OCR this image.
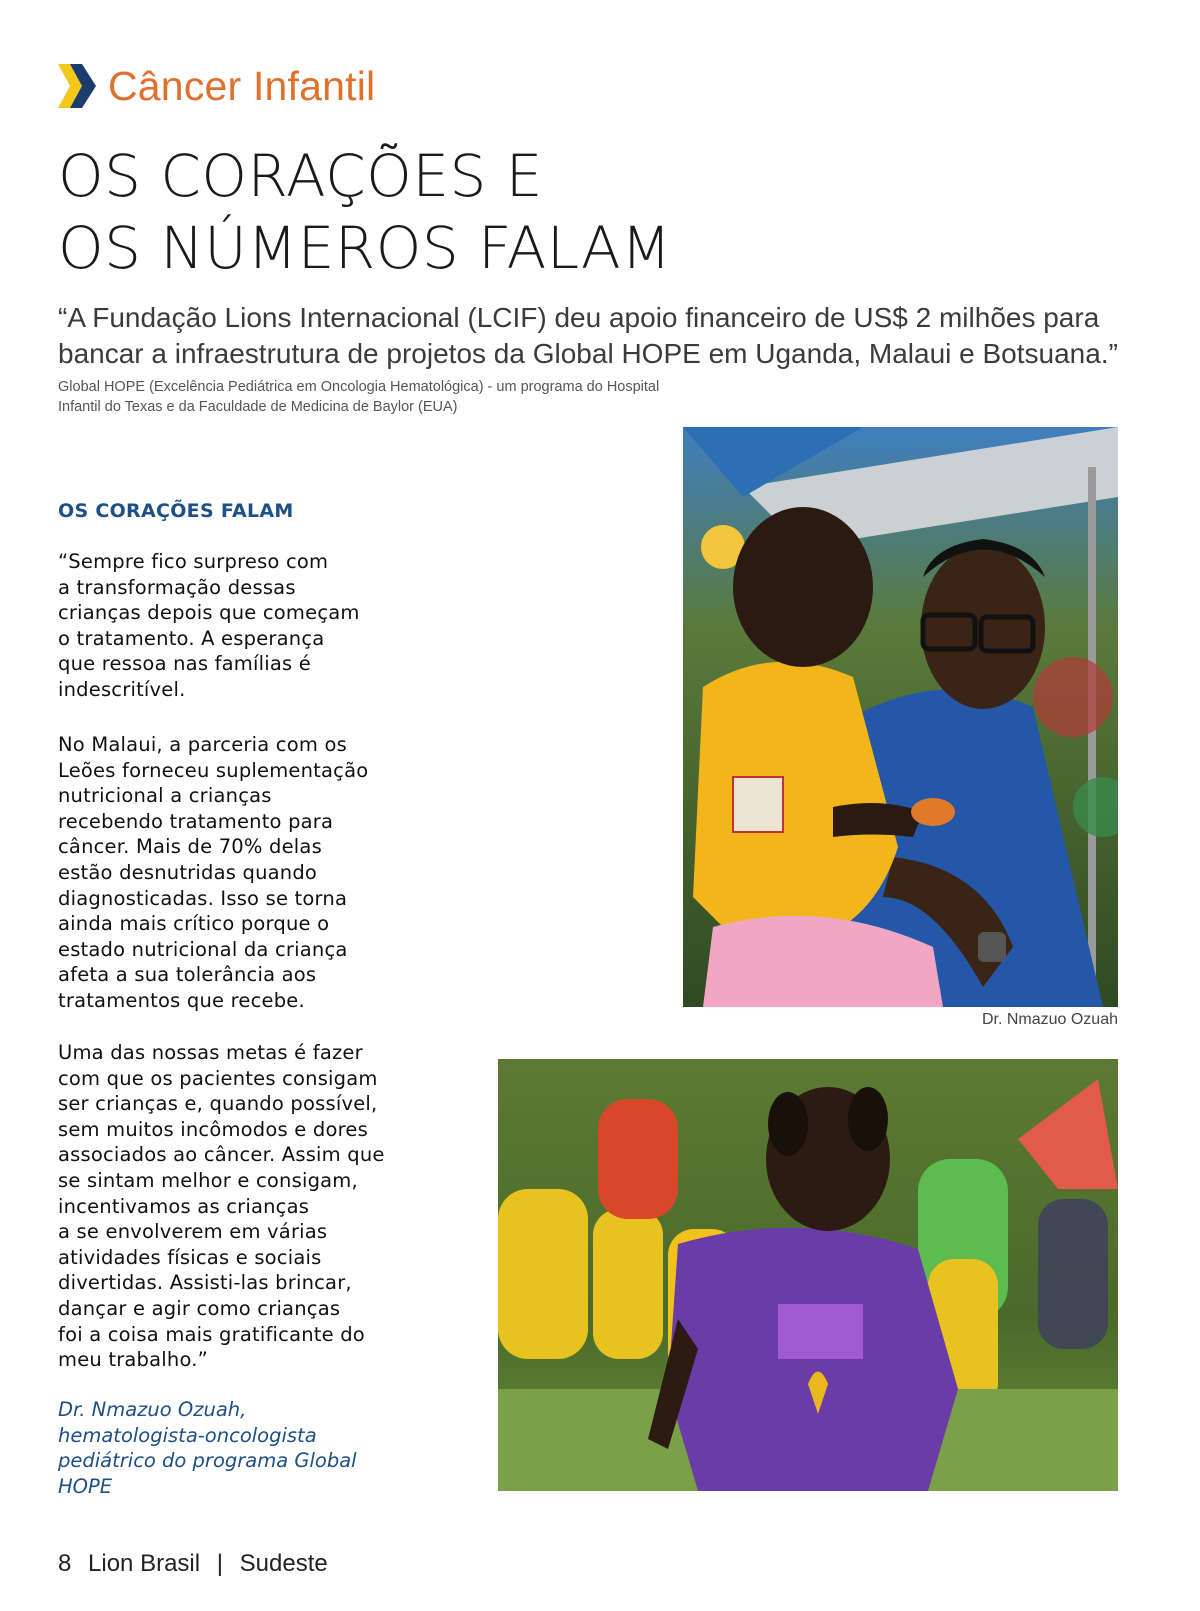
Câncer Infantil
OS CORAÇÕES E
OS NÚMEROS FALAM
“A Fundação Lions Internacional (LCIF) deu apoio financeiro de US$ 2 milhões para bancar a infraestrutura de projetos da Global HOPE em Uganda, Malaui e Botsuana.”
Global HOPE (Excelência Pediátrica em Oncologia Hematológica) - um programa do Hospital Infantil do Texas e da Faculdade de Medicina de Baylor (EUA)
OS CORAÇÕES FALAM
“Sempre fico surpreso com
a transformação dessas
crianças depois que começam
o tratamento. A esperança
que ressoa nas famílias é
indescritível.
No Malaui, a parceria com os
Leões forneceu suplementação
nutricional a crianças
recebendo tratamento para
câncer. Mais de 70% delas
estão desnutridas quando
diagnosticadas. Isso se torna
ainda mais crítico porque o
estado nutricional da criança
afeta a sua tolerância aos
tratamentos que recebe.
Uma das nossas metas é fazer
com que os pacientes consigam
ser crianças e, quando possível,
sem muitos incômodos e dores
associados ao câncer. Assim que
se sintam melhor e consigam,
incentivamos as crianças
a se envolverem em várias
atividades físicas e sociais
divertidas. Assisti-las brincar,
dançar e agir como crianças
foi a coisa mais gratificante do
meu trabalho.”
Dr. Nmazuo Ozuah,
hematologista-oncologista
pediátrico do programa Global
HOPE
Dr. Nmazuo Ozuah
8 Lion Brasil | Sudeste
